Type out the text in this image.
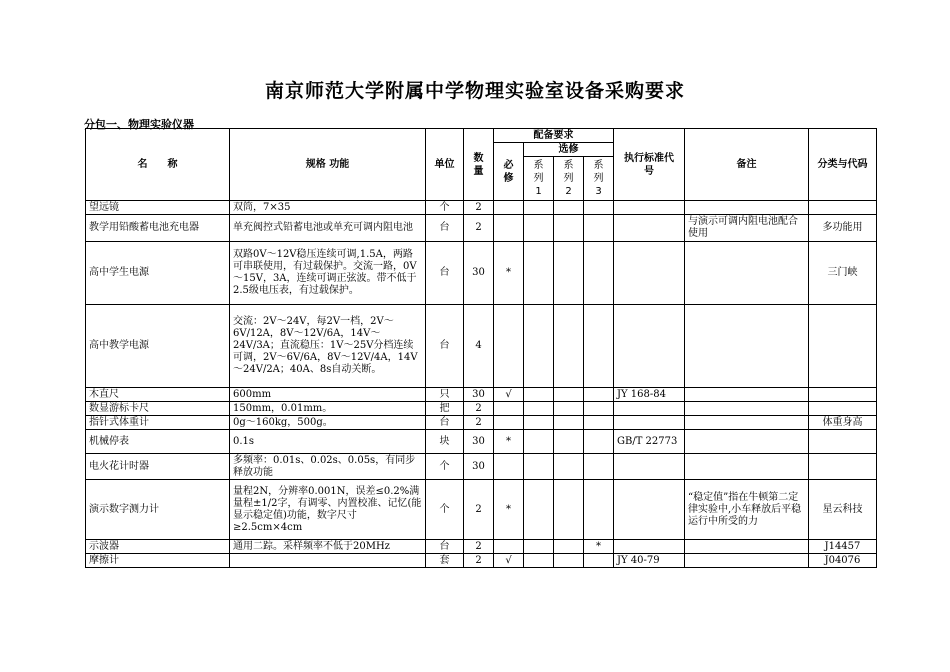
南京师范大学附属中学物理实验室设备采购要求
分包一、物理实验仪器
名　　称	规格 功能	单位	数量	配备要求				执行标准代号	备注	分类与代码
				必修	选修					
					系列1	系列2	系列3			
望远镜	双筒，7×35	个	2							
教学用铅酸蓄电池充电器	单充阀控式铅蓄电池或单充可调内阻电池	台	2						与演示可调内阻电池配合使用	多功能用
高中学生电源	双路0V～12V稳压连续可调,1.5A，两路可串联使用，有过载保护。交流一路，0V～15V，3A，连续可调正弦波。带不低于2.5级电压表，有过载保护。	台	30	*						三门峡
高中教学电源	交流：2V～24V，每2V一档，2V～6V/12A，8V～12V/6A，14V～24V/3A；直流稳压：1V～25V分档连续可调，2V～6V/6A，8V～12V/4A，14V～24V/2A；40A、8s自动关断。	台	4							
木直尺	600mm	只	30	√				JY 168-84		
数显游标卡尺	150mm，0.01mm。	把	2							
指针式体重计	0g～160kg，500g。	台	2							体重身高
机械停表	0.1s	块	30	*				GB/T 22773		
电火花计时器	多频率：0.01s、0.02s、0.05s，有同步释放功能	个	30							
演示数字测力计	量程2N，分辨率0.001N，误差≤0.2%满量程±1/2字，有调零、内置校准、记忆(能显示稳定值)功能，数字尺寸≥2.5cm×4cm	个	2	*					“稳定值”指在牛顿第二定律实验中,小车释放后平稳运行中所受的力	星云科技
示波器	通用二踪。采样频率不低于20MHz	台	2				*			J14457
摩擦计		套	2	√				JY 40-79		J04076
